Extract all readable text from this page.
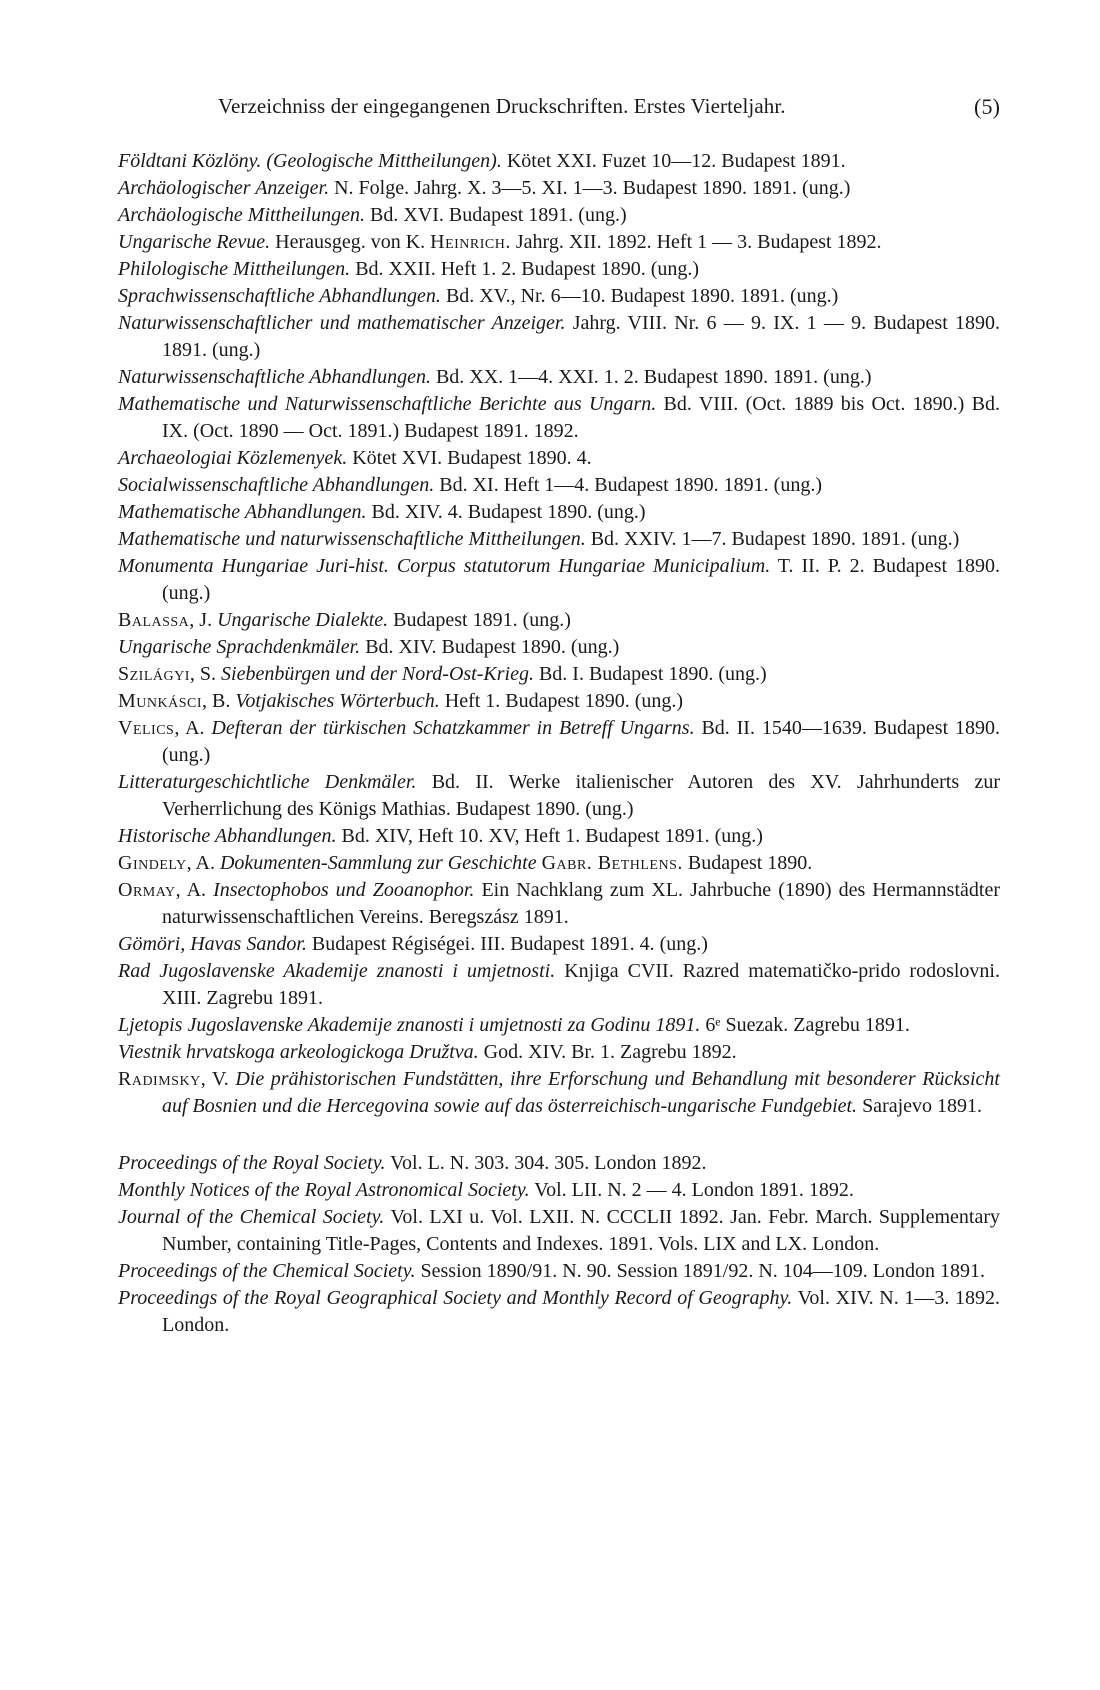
Verzeichniss der eingegangenen Druckschriften. Erstes Vierteljahr.	(5)
Földtani Közlöny. (Geologische Mittheilungen). Kötet XXI. Fuzet 10—12. Budapest 1891.
Archäologischer Anzeiger. N. Folge. Jahrg. X. 3—5. XI. 1—3. Budapest 1890. 1891. (ung.)
Archäologische Mittheilungen. Bd. XVI. Budapest 1891. (ung.)
Ungarische Revue. Herausgeg. von K. Heinrich. Jahrg. XII. 1892. Heft 1 — 3. Budapest 1892.
Philologische Mittheilungen. Bd. XXII. Heft 1. 2. Budapest 1890. (ung.)
Sprachwissenschaftliche Abhandlungen. Bd. XV., Nr. 6—10. Budapest 1890. 1891. (ung.)
Naturwissenschaftlicher und mathematischer Anzeiger. Jahrg. VIII. Nr. 6 — 9. IX. 1 — 9. Budapest 1890. 1891. (ung.)
Naturwissenschaftliche Abhandlungen. Bd. XX. 1—4. XXI. 1. 2. Budapest 1890. 1891. (ung.)
Mathematische und Naturwissenschaftliche Berichte aus Ungarn. Bd. VIII. (Oct. 1889 bis Oct. 1890.) Bd. IX. (Oct. 1890 — Oct. 1891.) Budapest 1891. 1892.
Archaeologiai Közlemenyek. Kötet XVI. Budapest 1890. 4.
Socialwissenschaftliche Abhandlungen. Bd. XI. Heft 1—4. Budapest 1890. 1891. (ung.)
Mathematische Abhandlungen. Bd. XIV. 4. Budapest 1890. (ung.)
Mathematische und naturwissenschaftliche Mittheilungen. Bd. XXIV. 1—7. Budapest 1890. 1891. (ung.)
Monumenta Hungariae Juri-hist. Corpus statutorum Hungariae Municipalium. T. II. P. 2. Budapest 1890. (ung.)
Balassa, J. Ungarische Dialekte. Budapest 1891. (ung.)
Ungarische Sprachdenkmäler. Bd. XIV. Budapest 1890. (ung.)
Szilágyi, S. Siebenbürgen und der Nord-Ost-Krieg. Bd. I. Budapest 1890. (ung.)
Munkásci, B. Votjakisches Wörterbuch. Heft 1. Budapest 1890. (ung.)
Velics, A. Defteran der türkischen Schatzkammer in Betreff Ungarns. Bd. II. 1540—1639. Budapest 1890. (ung.)
Litteraturgeschichtliche Denkmäler. Bd. II. Werke italienischer Autoren des XV. Jahrhunderts zur Verherrlichung des Königs Mathias. Budapest 1890. (ung.)
Historische Abhandlungen. Bd. XIV, Heft 10. XV, Heft 1. Budapest 1891. (ung.)
Gindely, A. Dokumenten-Sammlung zur Geschichte Gabr. Bethlens. Budapest 1890.
Ormay, A. Insectophobos und Zooanophor. Ein Nachklang zum XL. Jahrbuche (1890) des Hermannstädter naturwissenschaftlichen Vereins. Beregszász 1891.
Gömöri, Havas Sandor. Budapest Régiségei. III. Budapest 1891. 4. (ung.)
Rad Jugoslavenske Akademije znanosti i umjetnosti. Knjiga CVII. Razred matematičko-prido rodoslovni. XIII. Zagrebu 1891.
Ljetopis Jugoslavenske Akademije znanosti i umjetnosti za Godinu 1891. 6ᵉ Suezak. Zagrebu 1891.
Viestnik hrvatskoga arkeologickoga Družtva. God. XIV. Br. 1. Zagrebu 1892.
Radimsky, V. Die prähistorischen Fundstätten, ihre Erforschung und Behandlung mit besonderer Rücksicht auf Bosnien und die Hercegovina sowie auf das österreichisch-ungarische Fundgebiet. Sarajevo 1891.
Proceedings of the Royal Society. Vol. L. N. 303. 304. 305. London 1892.
Monthly Notices of the Royal Astronomical Society. Vol. LII. N. 2 — 4. London 1891. 1892.
Journal of the Chemical Society. Vol. LXI u. Vol. LXII. N. CCCLII 1892. Jan. Febr. March. Supplementary Number, containing Title-Pages, Contents and Indexes. 1891. Vols. LIX and LX. London.
Proceedings of the Chemical Society. Session 1890/91. N. 90. Session 1891/92. N. 104—109. London 1891.
Proceedings of the Royal Geographical Society and Monthly Record of Geography. Vol. XIV. N. 1—3. 1892. London.
